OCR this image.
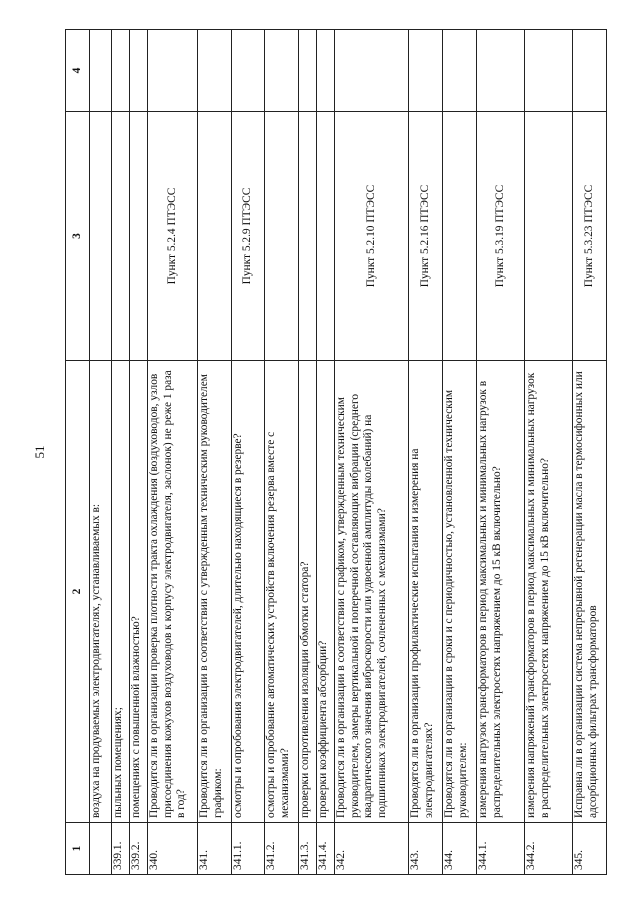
51
1	2	3	4
	воздуха на продуваемых электродвигателях, устанавливаемых в:		
339.1.	пыльных помещениях;		
339.2.	помещениях с повышенной влажностью?		
340.	Проводится ли в организации проверка плотности тракта охлаждения (воздуховодов, узлов присоединения кожухов воздуховодов к корпусу электродвигателя, заслонок) не реже 1 раза в год?	Пункт 5.2.4 ПТЭСС	
341.	Проводится ли в организации в соответствии с утвержденным техническим руководителем графиком:		
341.1.	осмотры и опробования электродвигателей, длительно находящиеся в резерве?	Пункт 5.2.9 ПТЭСС	
341.2.	осмотры и опробование автоматических устройств включения резерва вместе с механизмами?		
341.3.	проверки сопротивления изоляции обмотки статора?		
341.4.	проверки коэффициента абсорбции?		
342.	Проводится ли в организации в соответствии с графиком, утвержденным техническим руководителем, замеры вертикальной и поперечной составляющих вибрации (среднего квадратического значения виброскорости или удвоенной амплитуды колебаний) на подшипниках электродвигателей, сочлененных с механизмами?	Пункт 5.2.10 ПТЭСС	
343.	Проводятся ли в организации профилактические испытания и измерения на электродвигателях?	Пункт 5.2.16 ПТЭСС	
344.	Проводятся ли в организации в сроки и с периодичностью, установленной техническим руководителем:		
344.1.	измерения нагрузок трансформаторов в период максимальных и минимальных нагрузок в распределительных электросетях напряжением до 15 кВ включительно?	Пункт 5.3.19 ПТЭСС	
344.2.	измерения напряжений трансформаторов в период максимальных и минимальных нагрузок в распределительных электросетях напряжением до 15 кВ включительно?		
345.	Исправна ли в организации система непрерывной регенерации масла в термосифонных или адсорбционных фильтрах трансформаторов	Пункт 5.3.23 ПТЭСС	
